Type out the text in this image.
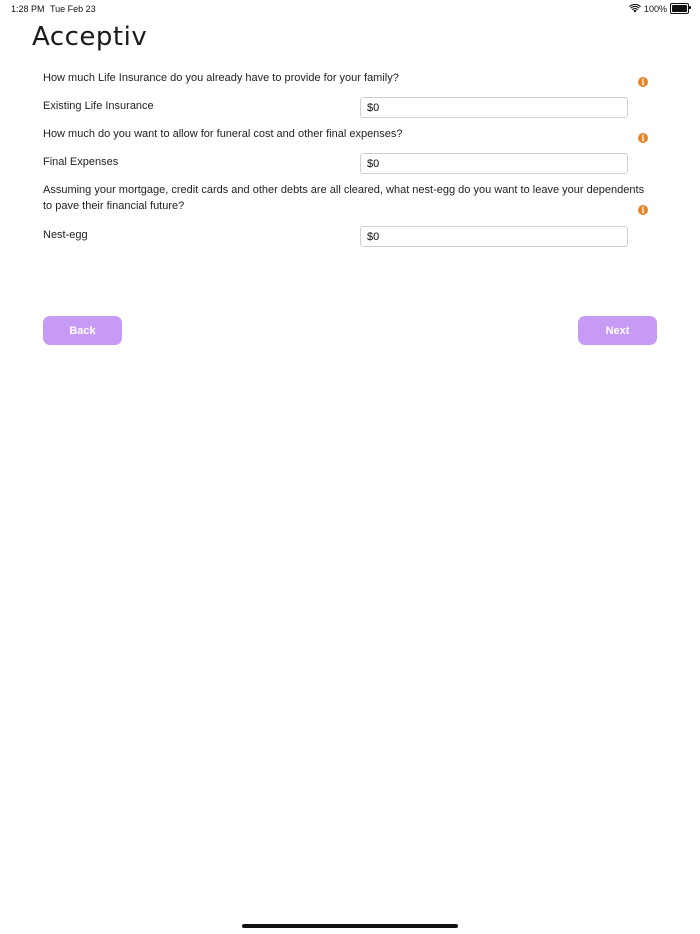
1:28 PM Tue Feb 23	100%
Acceptiv
How much Life Insurance do you already have to provide for your family?	i
Existing Life Insurance
$0
How much do you want to allow for funeral cost and other final expenses?	i
Final Expenses
$0
Assuming your mortgage, credit cards and other debts are all cleared, what nest-egg do you want to leave your dependents to pave their financial future?	i
Nest-egg
$0
Back	Next
